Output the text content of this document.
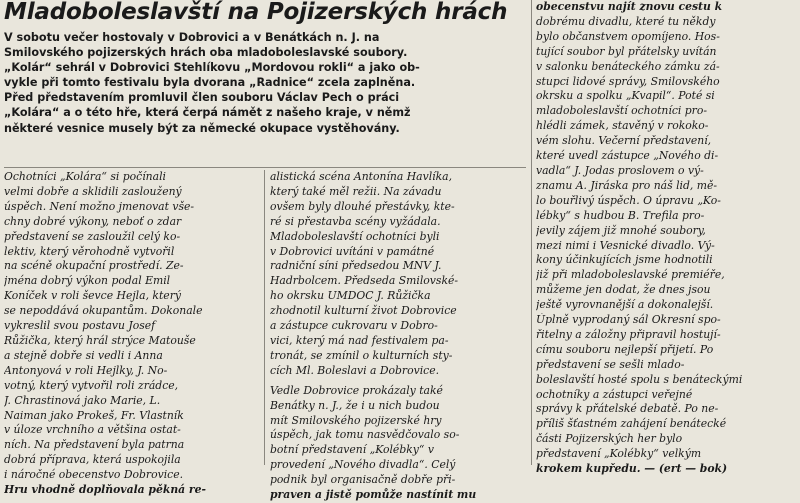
Mladoboleslavští na Pojizerských hrách
V sobotu večer hostovaly v Dobrovici a v Benátkách n. J. na
Smilovského pojizerských hrách oba mladoboleslavské soubory.
„Kolár“ sehrál v Dobrovici Stehlíkovu „Mordovou rokli“ a jako ob-
vykle při tomto festivalu byla dvorana „Radnice“ zcela zaplněna.
Před představením promluvil člen souboru Václav Pech o práci
„Kolára“ a o této hře, která čerpá námět z našeho kraje, v němž
některé vesnice musely být za německé okupace vystěhovány.
Ochotníci „Kolára“ si počínali
velmi dobře a sklidili zasloužený
úspěch. Není možno jmenovat vše-
chny dobré výkony, neboť o zdar
představení se zasloužil celý ko-
lektiv, který věrohodně vytvořil
na scéně okupační prostředí. Ze-
jména dobrý výkon podal Emil
Koníček v roli ševce Hejla, který
se nepoddává okupantům. Dokonale
vykreslil svou postavu Josef
Růžička, který hrál strýce Matouše
a stejně dobře si vedli i Anna
Antonyová v roli Hejlky, J. No-
votný, který vytvořil roli zrádce,
J. Chrastinová jako Marie, L.
Naiman jako Prokeš, Fr. Vlastník
v úloze vrchního a většina ostat-
ních. Na představení byla patrna
dobrá příprava, která uspokojila
i náročné obecenstvo Dobrovice.
Hru vhodně doplňovala pěkná re-
alistická scéna Antonína Havlíka,
který také měl režii. Na závadu
ovšem byly dlouhé přestávky, kte-
ré si přestavba scény vyžádala.
Mladoboleslavští ochotníci byli
v Dobrovici uvítáni v památné
radniční síni předsedou MNV J.
Hadrbolcem. Předseda Smilovské-
ho okrsku UMDOC J. Růžička
zhodnotil kulturní život Dobrovice
a zástupce cukrovaru v Dobro-
vici, který má nad festivalem pa-
tronát, se zmínil o kulturních sty-
cích Ml. Boleslavi a Dobrovice.
Vedle Dobrovice prokázaly také
Benátky n. J., že i u nich budou
mít Smilovského pojizerské hry
úspěch, jak tomu nasvědčovalo so-
botní představení „Kolébky“ v
provedení „Nového divadla“. Celý
podnik byl organisačně dobře při-
praven a jistě pomůže nastínit mu
obecenstvu najít znovu cestu k
dobrému divadlu, které tu někdy
bylo občanstvem opomíjeno. Hos-
tující soubor byl přátelsky uvítán
v salonku benáteckého zámku zá-
stupci lidové správy, Smilovského
okrsku a spolku „Kvapil“. Poté si
mladoboleslavští ochotníci pro-
hlédli zámek, stavěný v rokoko-
vém slohu. Večerní představení,
které uvedl zástupce „Nového di-
vadla“ J. Jodas proslovem o vý-
znamu A. Jiráska pro náš lid, mě-
lo bouřlivý úspěch. O úpravu „Ko-
lébky“ s hudbou B. Trefila pro-
jevily zájem již mnohé soubory,
mezi nimi i Vesnické divadlo. Vý-
kony účinkujících jsme hodnotili
již při mladoboleslavské premiéře,
můžeme jen dodat, že dnes jsou
ještě vyrovnanější a dokonalejší.
Úplně vyprodaný sál Okresní spo-
řitelny a záložny připravil hostují-
címu souboru nejlepší přijetí. Po
představení se sešli mlado-
boleslavští hosté spolu s benáteckými
ochotníky a zástupci veřejné
správy k přátelské debatě. Po ne-
příliš šťastném zahájení benátecké
části Pojizerských her bylo
představení „Kolébky“ velkým
krokem kupředu. — (ert — bok)
